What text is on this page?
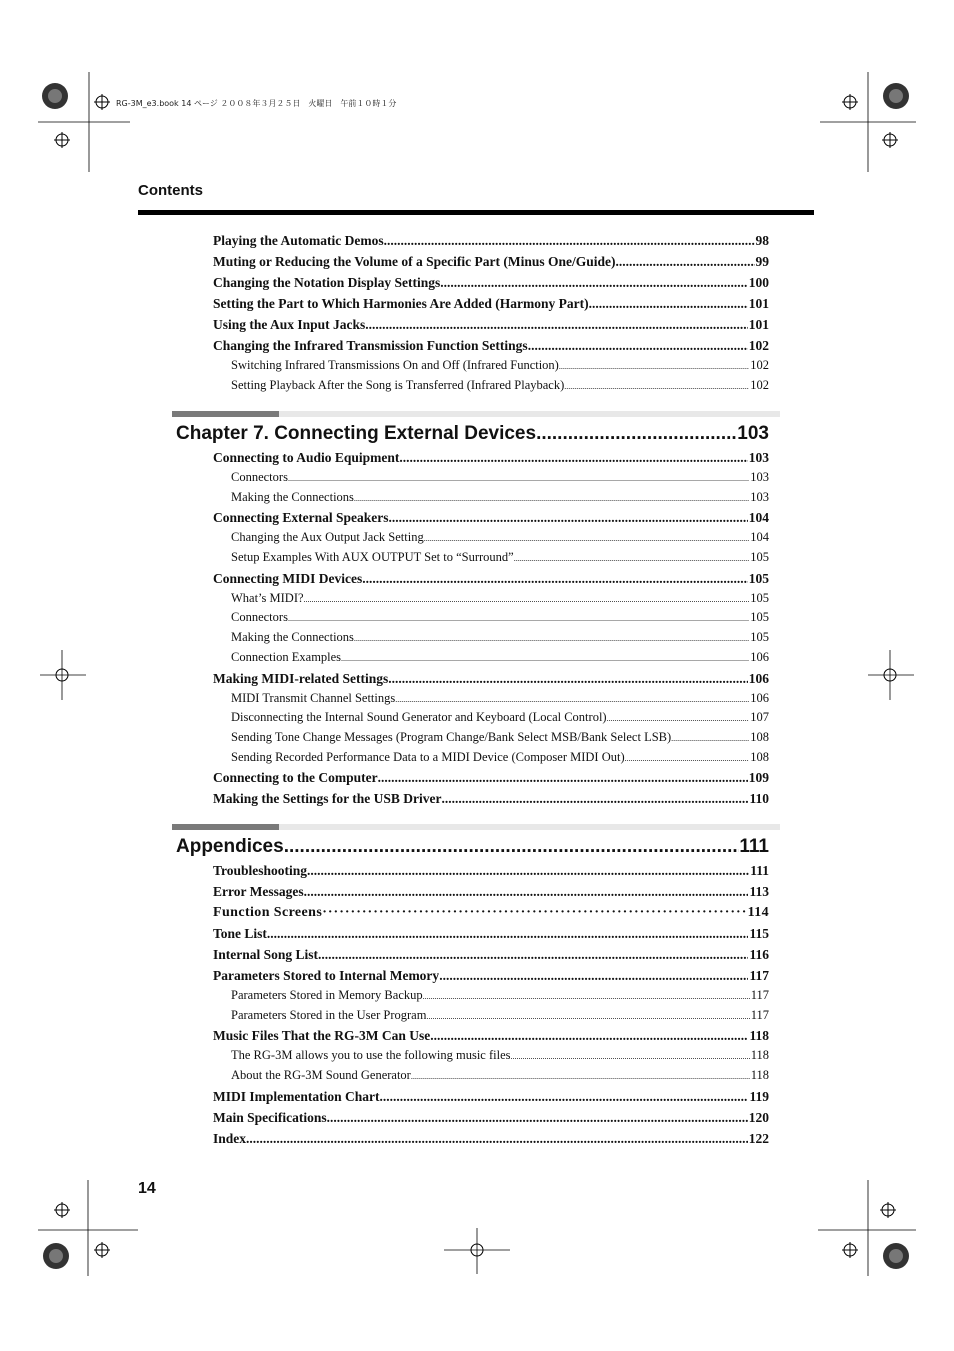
RG-3M_e3.book 14 ページ ２００８年３月２５日　火曜日　午前１０時１分
Contents
Playing the Automatic Demos .....	98
Muting or Reducing the Volume of a Specific Part (Minus One/Guide) .....	99
Changing the Notation Display Settings .....	100
Setting the Part to Which Harmonies Are Added (Harmony Part) .....	101
Using the Aux Input Jacks .....	101
Changing the Infrared Transmission Function Settings .....	102
Switching Infrared Transmissions On and Off (Infrared Function) .....	102
Setting Playback After the Song is Transferred (Infrared Playback) .....	102
Chapter 7. Connecting External Devices .....	103
Connecting to Audio Equipment .....	103
Connectors .....	103
Making the Connections .....	103
Connecting External Speakers .....	104
Changing the Aux Output Jack Setting .....	104
Setup Examples With AUX OUTPUT Set to “Surround” .....	105
Connecting MIDI Devices .....	105
What’s MIDI? .....	105
Connectors .....	105
Making the Connections .....	105
Connection Examples .....	106
Making MIDI-related Settings .....	106
MIDI Transmit Channel Settings .....	106
Disconnecting the Internal Sound Generator and Keyboard (Local Control) .....	107
Sending Tone Change Messages (Program Change/Bank Select MSB/Bank Select LSB) .....	108
Sending Recorded Performance Data to a MIDI Device (Composer MIDI Out) .....	108
Connecting to the Computer .....	109
Making the Settings for the USB Driver .....	110
Appendices .....	111
Troubleshooting .....	111
Error Messages .....	113
Function Screens ·····	114
Tone List .....	115
Internal Song List .....	116
Parameters Stored to Internal Memory .....	117
Parameters Stored in Memory Backup .....	117
Parameters Stored in the User Program .....	117
Music Files That the RG-3M Can Use .....	118
The RG-3M allows you to use the following music files .....	118
About the RG-3M Sound Generator .....	118
MIDI Implementation Chart .....	119
Main Specifications .....	120
Index .....	122
14
